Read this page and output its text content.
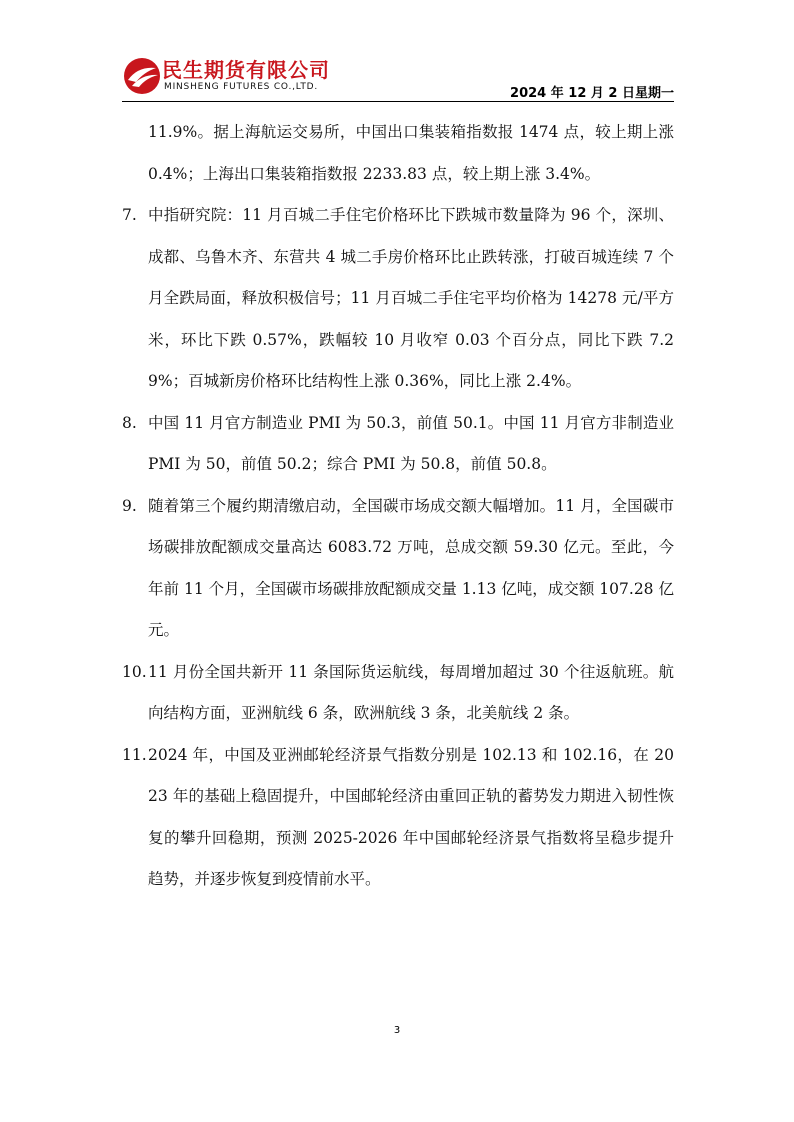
民生期货有限公司
MINSHENG FUTURES CO.,LTD.	2024 年 12 月 2 日星期一

11.9%。据上海航运交易所，中国出口集装箱指数报 1474 点，较上期上涨 0.4%；上海出口集装箱指数报 2233.83 点，较上期上涨 3.4%。

7. 中指研究院：11 月百城二手住宅价格环比下跌城市数量降为 96 个，深圳、成都、乌鲁木齐、东营共 4 城二手房价格环比止跌转涨，打破百城连续 7 个月全跌局面，释放积极信号；11 月百城二手住宅平均价格为 14278 元/平方米，环比下跌 0.57%，跌幅较 10 月收窄 0.03 个百分点，同比下跌 7.29%；百城新房价格环比结构性上涨 0.36%，同比上涨 2.4%。

8. 中国 11 月官方制造业 PMI 为 50.3，前值 50.1。中国 11 月官方非制造业 PMI 为 50，前值 50.2；综合 PMI 为 50.8，前值 50.8。

9. 随着第三个履约期清缴启动，全国碳市场成交额大幅增加。11 月，全国碳市场碳排放配额成交量高达 6083.72 万吨，总成交额 59.30 亿元。至此，今年前 11 个月，全国碳市场碳排放配额成交量 1.13 亿吨，成交额 107.28 亿元。

10. 11 月份全国共新开 11 条国际货运航线，每周增加超过 30 个往返航班。航向结构方面，亚洲航线 6 条，欧洲航线 3 条，北美航线 2 条。

11. 2024 年，中国及亚洲邮轮经济景气指数分别是 102.13 和 102.16，在 2023 年的基础上稳固提升，中国邮轮经济由重回正轨的蓄势发力期进入韧性恢复的攀升回稳期，预测 2025-2026 年中国邮轮经济景气指数将呈稳步提升趋势，并逐步恢复到疫情前水平。

3
